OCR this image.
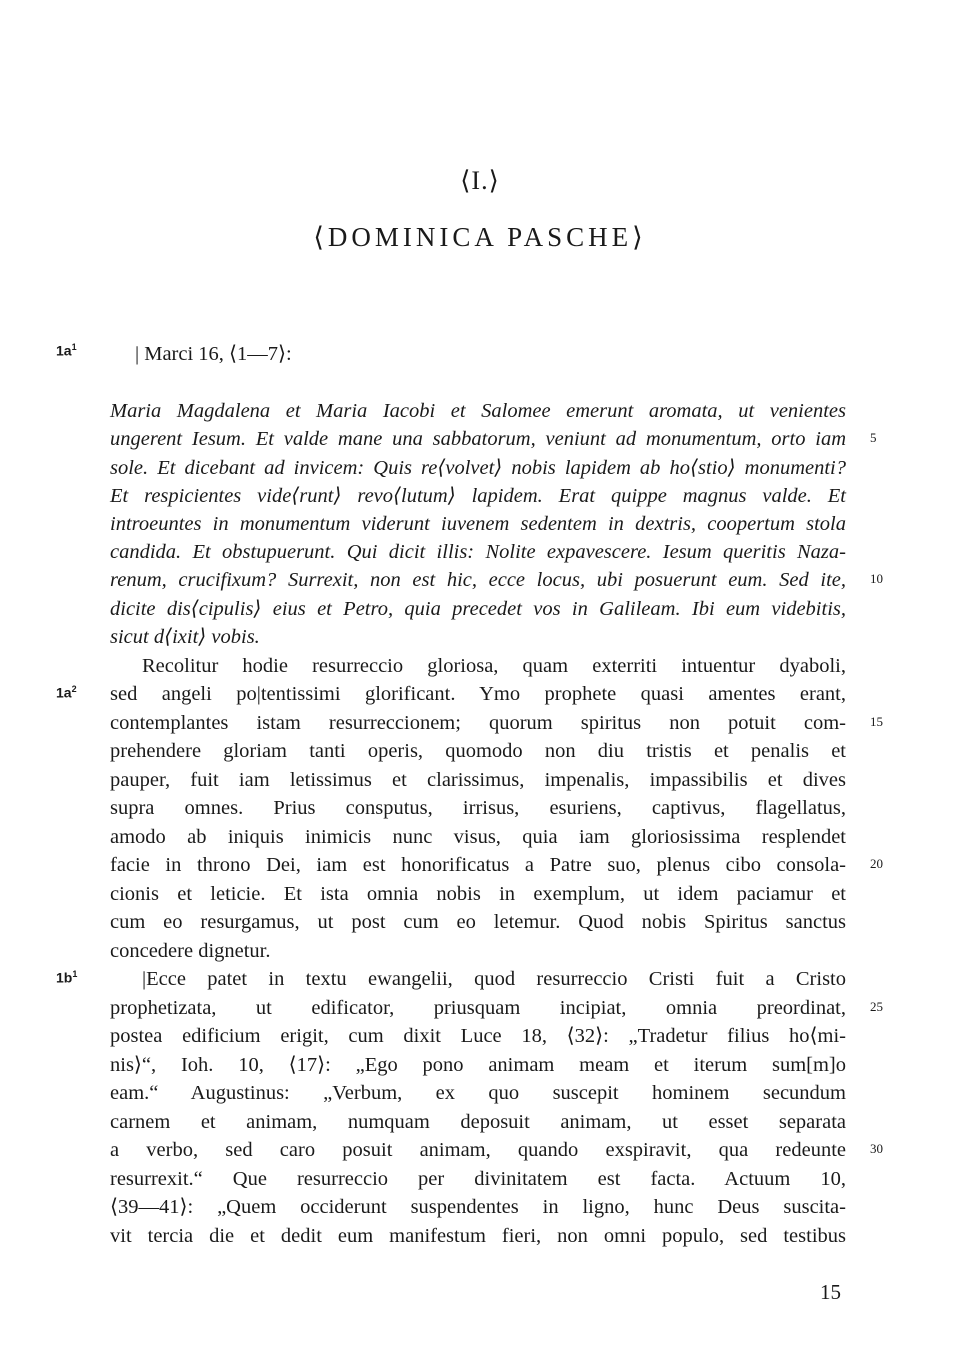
⟨I.⟩
⟨DOMINICA PASCHE⟩
$1a^1$
$1a^2$
$1b^1$
| Marci 16, ⟨1—7⟩:
Maria Magdalena et Maria Iacobi et Salomee emerunt aromata, ut venientes
ungerent Iesum. Et valde mane una sabbatorum, veniunt ad monumentum, orto iam
sole. Et dicebant ad invicem: Quis re⟨volvet⟩ nobis lapidem ab ho⟨stio⟩ monumenti?
Et respicientes vide⟨runt⟩ revo⟨lutum⟩ lapidem. Erat quippe magnus valde. Et
introeuntes in monumentum viderunt iuvenem sedentem in dextris, coopertum stola
candida. Et obstupuerunt. Qui dicit illis: Nolite expavescere. Iesum queritis Naza-
renum, crucifixum? Surrexit, non est hic, ecce locus, ubi posuerunt eum. Sed ite,
dicite dis⟨cipulis⟩ eius et Petro, quia precedet vos in Galileam. Ibi eum videbitis,
sicut d⟨ixit⟩ vobis.
Recolitur hodie resurreccio gloriosa, quam exterriti intuentur dyaboli,
sed angeli po|tentissimi glorificant. Ymo prophete quasi amentes erant,
contemplantes istam resurreccionem; quorum spiritus non potuit com-
prehendere gloriam tanti operis, quomodo non diu tristis et penalis et
pauper, fuit iam letissimus et clarissimus, impenalis, impassibilis et dives
supra omnes. Prius consputus, irrisus, esuriens, captivus, flagellatus,
amodo ab iniquis inimicis nunc visus, quia iam gloriosissima resplendet
facie in throno Dei, iam est honorificatus a Patre suo, plenus cibo consola-
cionis et leticie. Et ista omnia nobis in exemplum, ut idem paciamur et
cum eo resurgamus, ut post cum eo letemur. Quod nobis Spiritus sanctus
concedere dignetur.
|Ecce patet in textu ewangelii, quod resurreccio Cristi fuit a Cristo
prophetizata, ut edificator, priusquam incipiat, omnia preordinat,
postea edificium erigit, cum dixit Luce 18, ⟨32⟩: „Tradetur filius ho⟨mi-
nis⟩“, Ioh. 10, ⟨17⟩: „Ego pono animam meam et iterum sum[m]o
eam.“ Augustinus: „Verbum, ex quo suscepit hominem secundum
carnem et animam, numquam deposuit animam, ut esset separata
a verbo, sed caro posuit animam, quando exspiravit, qua redeunte
resurrexit.“ Que resurreccio per divinitatem est facta. Actuum 10,
⟨39—41⟩: „Quem occiderunt suspendentes in ligno, hunc Deus suscita-
vit tercia die et dedit eum manifestum fieri, non omni populo, sed testibus
5
10
15
20
25
30
15
